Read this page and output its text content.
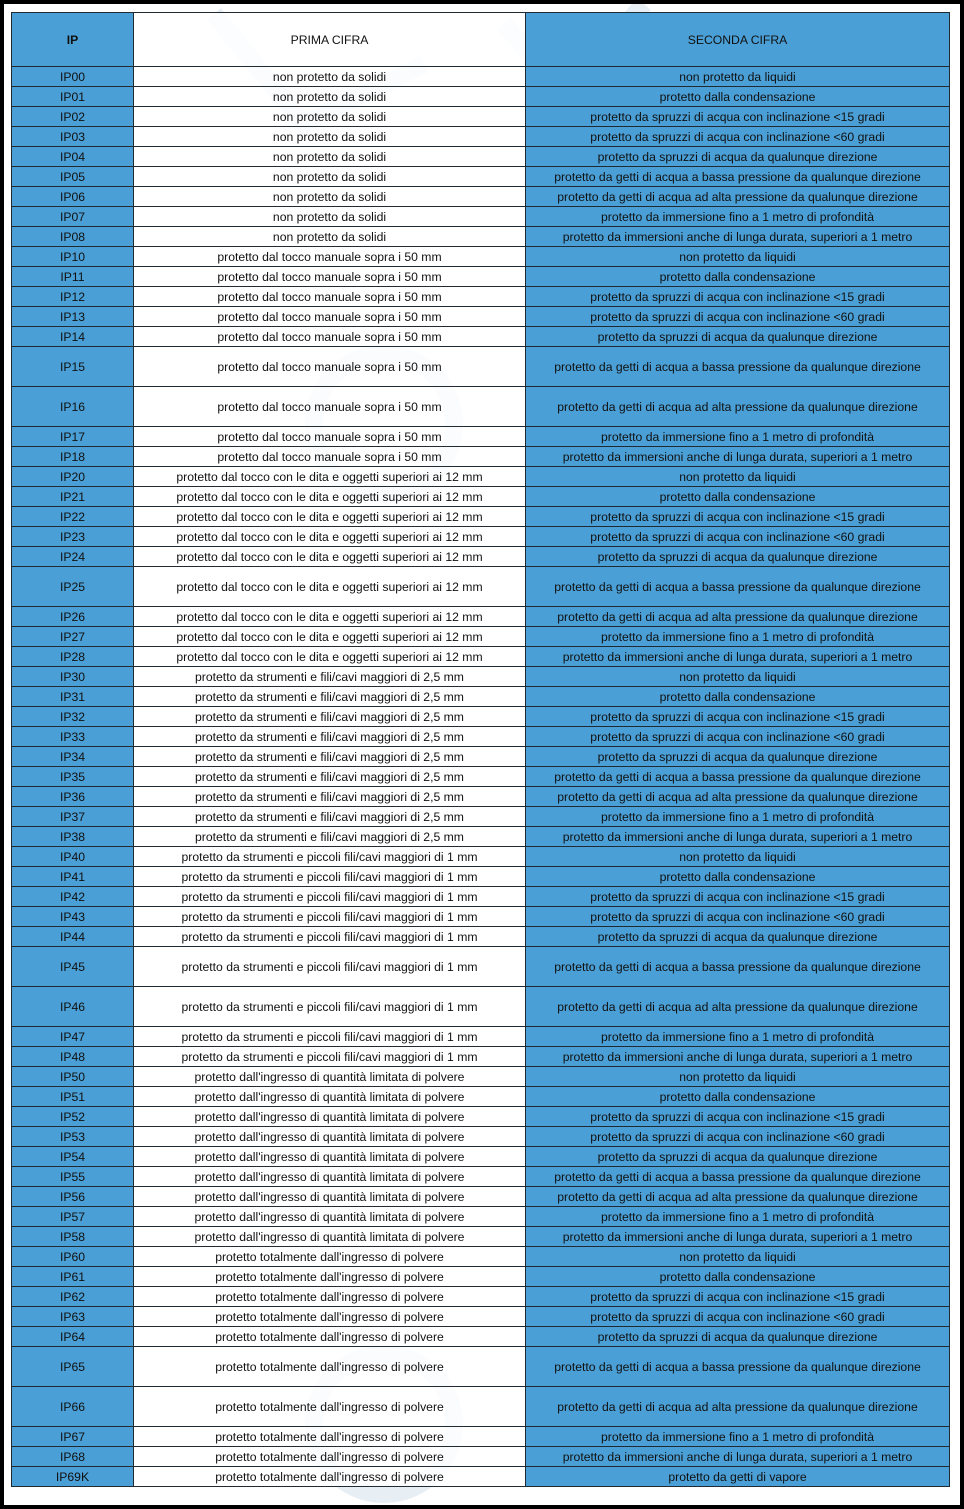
IP	PRIMA CIFRA	SECONDA CIFRA
IP00	non protetto da solidi	non protetto da liquidi
IP01	non protetto da solidi	protetto dalla condensazione
IP02	non protetto da solidi	protetto da spruzzi di acqua con inclinazione <15 gradi
IP03	non protetto da solidi	protetto da spruzzi di acqua con inclinazione <60 gradi
IP04	non protetto da solidi	protetto da spruzzi di acqua da qualunque direzione
IP05	non protetto da solidi	protetto da getti di acqua a bassa pressione da qualunque direzione
IP06	non protetto da solidi	protetto da getti di acqua ad alta pressione da qualunque direzione
IP07	non protetto da solidi	protetto da immersione fino a 1 metro di profondità
IP08	non protetto da solidi	protetto da immersioni anche di lunga durata, superiori a 1 metro
IP10	protetto dal tocco manuale sopra i 50 mm	non protetto da liquidi
IP11	protetto dal tocco manuale sopra i 50 mm	protetto dalla condensazione
IP12	protetto dal tocco manuale sopra i 50 mm	protetto da spruzzi di acqua con inclinazione <15 gradi
IP13	protetto dal tocco manuale sopra i 50 mm	protetto da spruzzi di acqua con inclinazione <60 gradi
IP14	protetto dal tocco manuale sopra i 50 mm	protetto da spruzzi di acqua da qualunque direzione
IP15	protetto dal tocco manuale sopra i 50 mm	protetto da getti di acqua a bassa pressione da qualunque direzione
IP16	protetto dal tocco manuale sopra i 50 mm	protetto da getti di acqua ad alta pressione da qualunque direzione
IP17	protetto dal tocco manuale sopra i 50 mm	protetto da immersione fino a 1 metro di profondità
IP18	protetto dal tocco manuale sopra i 50 mm	protetto da immersioni anche di lunga durata, superiori a 1 metro
IP20	protetto dal tocco con le dita e oggetti superiori ai 12 mm	non protetto da liquidi
IP21	protetto dal tocco con le dita e oggetti superiori ai 12 mm	protetto dalla condensazione
IP22	protetto dal tocco con le dita e oggetti superiori ai 12 mm	protetto da spruzzi di acqua con inclinazione <15 gradi
IP23	protetto dal tocco con le dita e oggetti superiori ai 12 mm	protetto da spruzzi di acqua con inclinazione <60 gradi
IP24	protetto dal tocco con le dita e oggetti superiori ai 12 mm	protetto da spruzzi di acqua da qualunque direzione
IP25	protetto dal tocco con le dita e oggetti superiori ai 12 mm	protetto da getti di acqua a bassa pressione da qualunque direzione
IP26	protetto dal tocco con le dita e oggetti superiori ai 12 mm	protetto da getti di acqua ad alta pressione da qualunque direzione
IP27	protetto dal tocco con le dita e oggetti superiori ai 12 mm	protetto da immersione fino a 1 metro di profondità
IP28	protetto dal tocco con le dita e oggetti superiori ai 12 mm	protetto da immersioni anche di lunga durata, superiori a 1 metro
IP30	protetto da strumenti e fili/cavi maggiori di 2,5 mm	non protetto da liquidi
IP31	protetto da strumenti e fili/cavi maggiori di 2,5 mm	protetto dalla condensazione
IP32	protetto da strumenti e fili/cavi maggiori di 2,5 mm	protetto da spruzzi di acqua con inclinazione <15 gradi
IP33	protetto da strumenti e fili/cavi maggiori di 2,5 mm	protetto da spruzzi di acqua con inclinazione <60 gradi
IP34	protetto da strumenti e fili/cavi maggiori di 2,5 mm	protetto da spruzzi di acqua da qualunque direzione
IP35	protetto da strumenti e fili/cavi maggiori di 2,5 mm	protetto da getti di acqua a bassa pressione da qualunque direzione
IP36	protetto da strumenti e fili/cavi maggiori di 2,5 mm	protetto da getti di acqua ad alta pressione da qualunque direzione
IP37	protetto da strumenti e fili/cavi maggiori di 2,5 mm	protetto da immersione fino a 1 metro di profondità
IP38	protetto da strumenti e fili/cavi maggiori di 2,5 mm	protetto da immersioni anche di lunga durata, superiori a 1 metro
IP40	protetto da strumenti e piccoli fili/cavi maggiori di 1 mm	non protetto da liquidi
IP41	protetto da strumenti e piccoli fili/cavi maggiori di 1 mm	protetto dalla condensazione
IP42	protetto da strumenti e piccoli fili/cavi maggiori di 1 mm	protetto da spruzzi di acqua con inclinazione <15 gradi
IP43	protetto da strumenti e piccoli fili/cavi maggiori di 1 mm	protetto da spruzzi di acqua con inclinazione <60 gradi
IP44	protetto da strumenti e piccoli fili/cavi maggiori di 1 mm	protetto da spruzzi di acqua da qualunque direzione
IP45	protetto da strumenti e piccoli fili/cavi maggiori di 1 mm	protetto da getti di acqua a bassa pressione da qualunque direzione
IP46	protetto da strumenti e piccoli fili/cavi maggiori di 1 mm	protetto da getti di acqua ad alta pressione da qualunque direzione
IP47	protetto da strumenti e piccoli fili/cavi maggiori di 1 mm	protetto da immersione fino a 1 metro di profondità
IP48	protetto da strumenti e piccoli fili/cavi maggiori di 1 mm	protetto da immersioni anche di lunga durata, superiori a 1 metro
IP50	protetto dall'ingresso di quantità limitata di polvere	non protetto da liquidi
IP51	protetto dall'ingresso di quantità limitata di polvere	protetto dalla condensazione
IP52	protetto dall'ingresso di quantità limitata di polvere	protetto da spruzzi di acqua con inclinazione <15 gradi
IP53	protetto dall'ingresso di quantità limitata di polvere	protetto da spruzzi di acqua con inclinazione <60 gradi
IP54	protetto dall'ingresso di quantità limitata di polvere	protetto da spruzzi di acqua da qualunque direzione
IP55	protetto dall'ingresso di quantità limitata di polvere	protetto da getti di acqua a bassa pressione da qualunque direzione
IP56	protetto dall'ingresso di quantità limitata di polvere	protetto da getti di acqua ad alta pressione da qualunque direzione
IP57	protetto dall'ingresso di quantità limitata di polvere	protetto da immersione fino a 1 metro di profondità
IP58	protetto dall'ingresso di quantità limitata di polvere	protetto da immersioni anche di lunga durata, superiori a 1 metro
IP60	protetto totalmente dall'ingresso di polvere	non protetto da liquidi
IP61	protetto totalmente dall'ingresso di polvere	protetto dalla condensazione
IP62	protetto totalmente dall'ingresso di polvere	protetto da spruzzi di acqua con inclinazione <15 gradi
IP63	protetto totalmente dall'ingresso di polvere	protetto da spruzzi di acqua con inclinazione <60 gradi
IP64	protetto totalmente dall'ingresso di polvere	protetto da spruzzi di acqua da qualunque direzione
IP65	protetto totalmente dall'ingresso di polvere	protetto da getti di acqua a bassa pressione da qualunque direzione
IP66	protetto totalmente dall'ingresso di polvere	protetto da getti di acqua ad alta pressione da qualunque direzione
IP67	protetto totalmente dall'ingresso di polvere	protetto da immersione fino a 1 metro di profondità
IP68	protetto totalmente dall'ingresso di polvere	protetto da immersioni anche di lunga durata, superiori a 1 metro
IP69K	protetto totalmente dall'ingresso di polvere	protetto da getti di vapore
